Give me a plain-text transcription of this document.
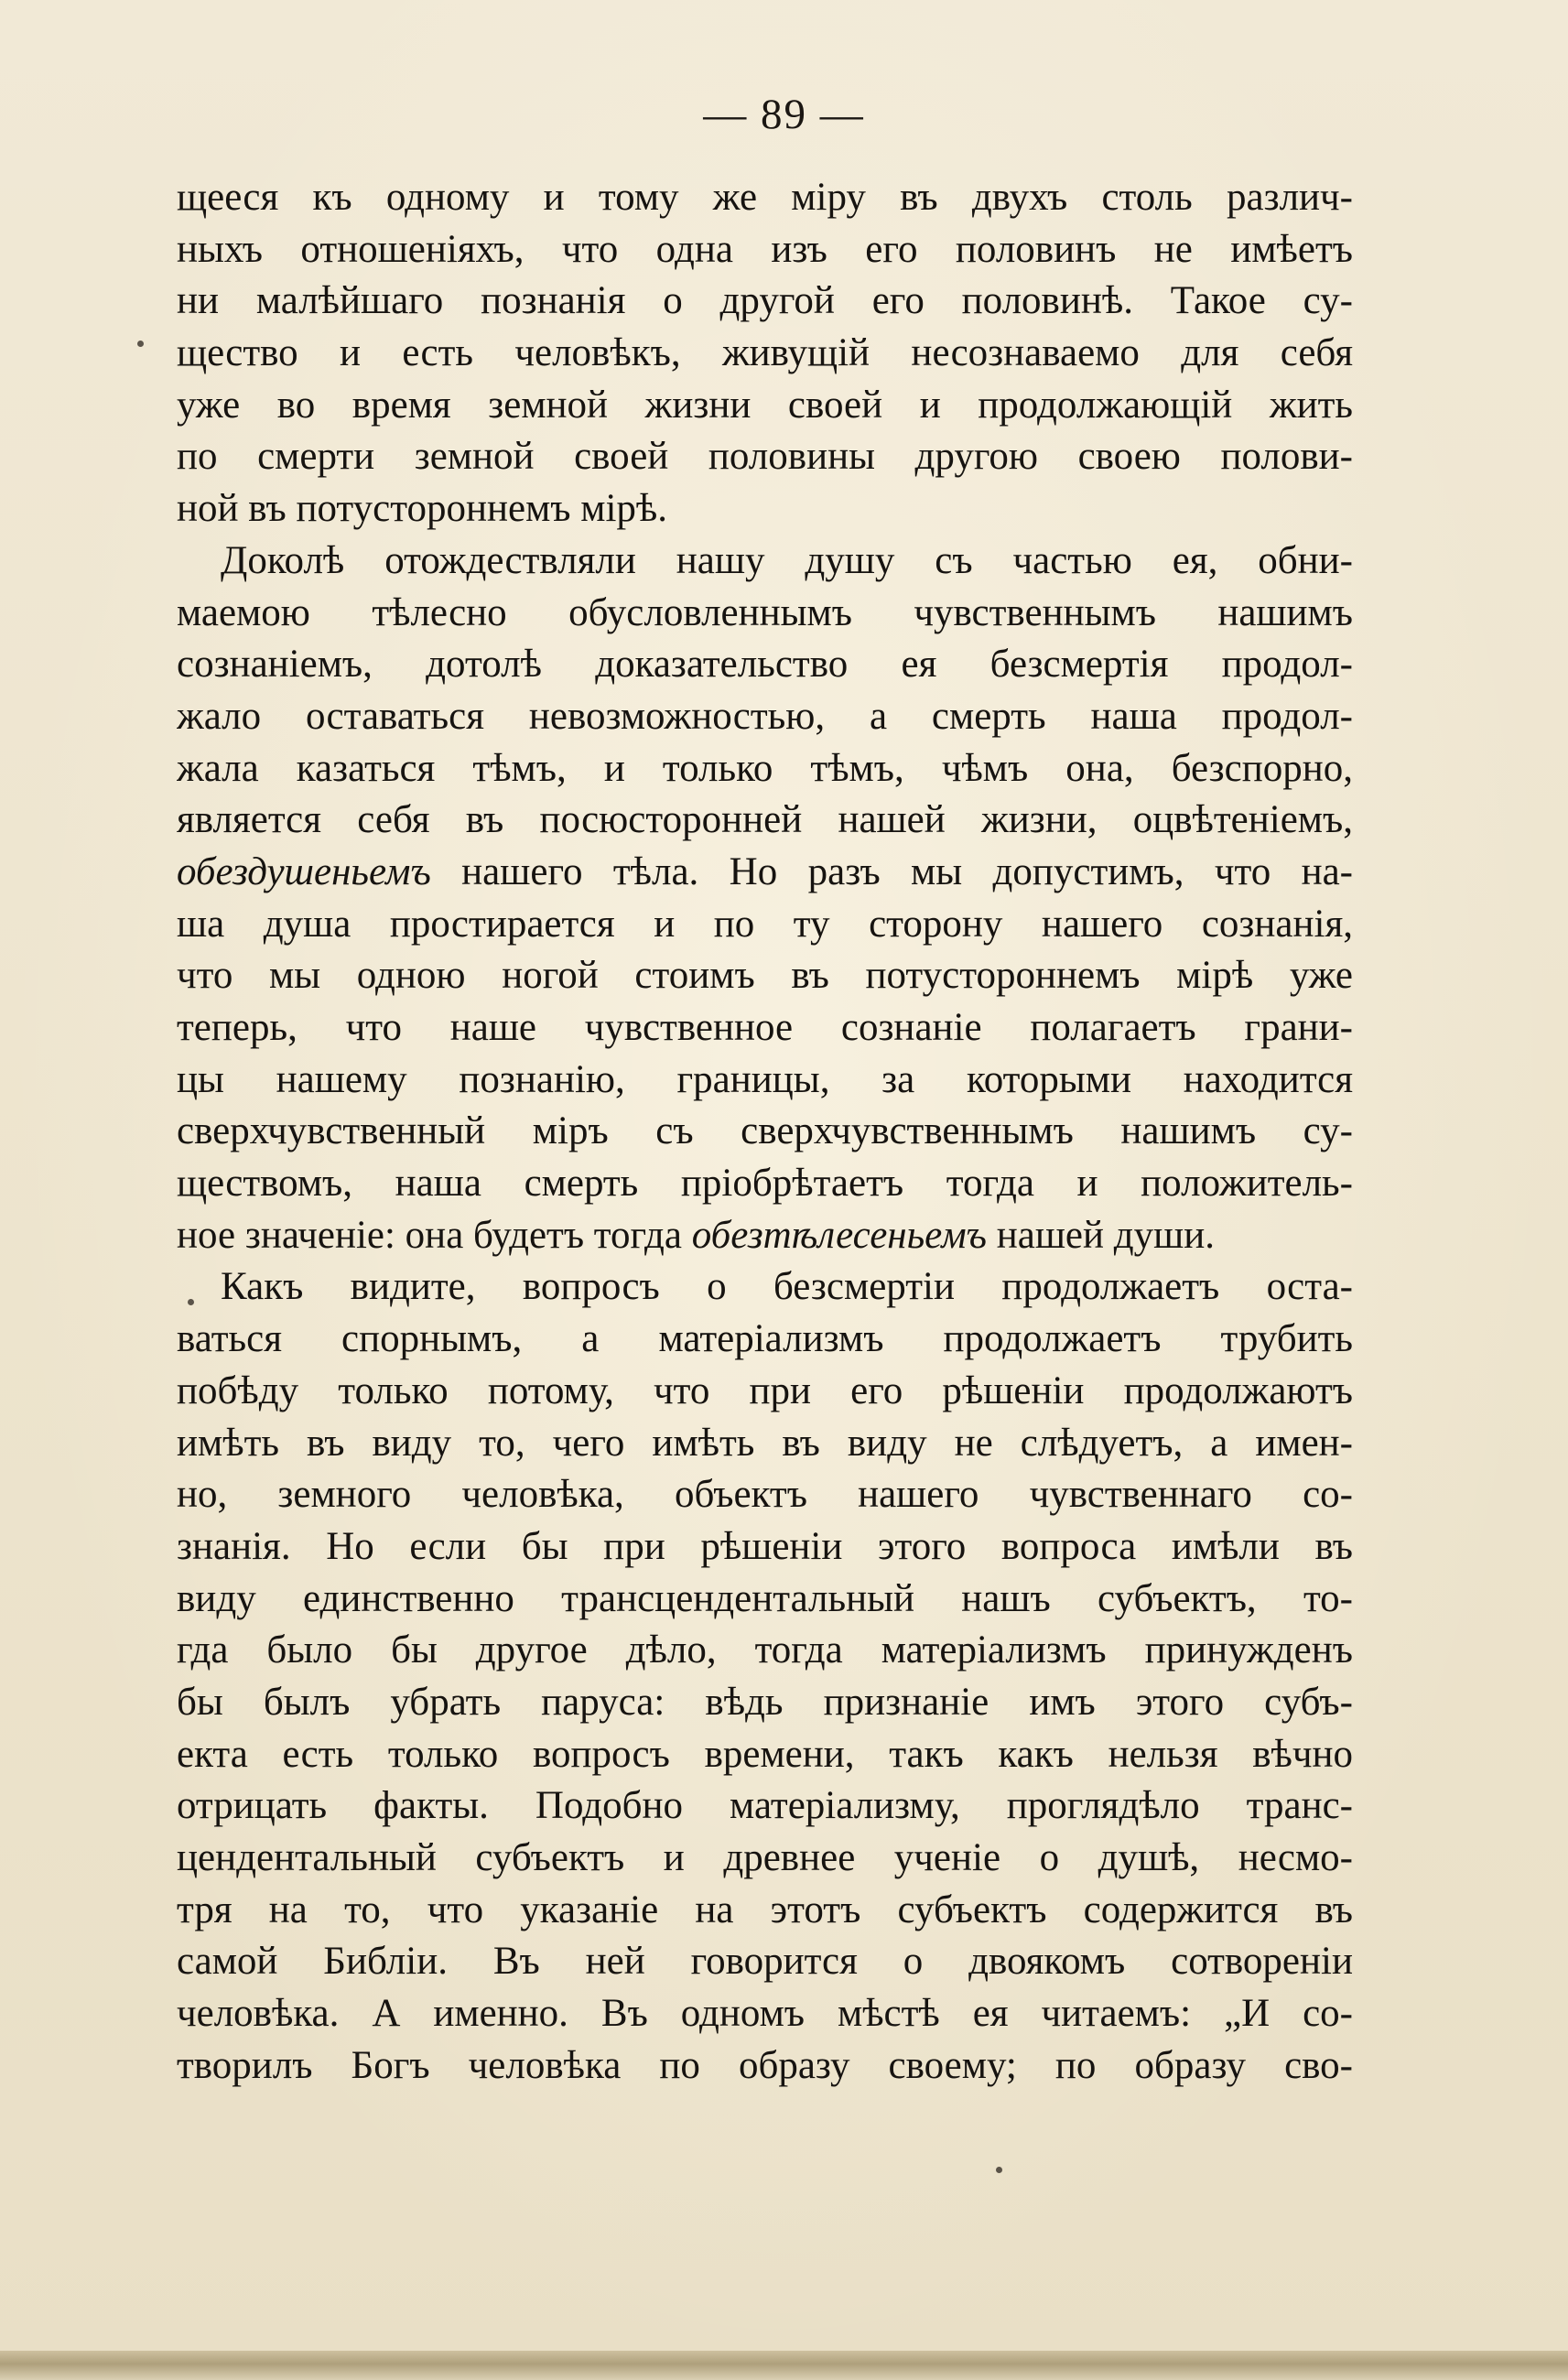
— 89 —
щееся къ одному и тому же міру въ двухъ столь различ-
ныхъ отношеніяхъ, что одна изъ его половинъ не имѣетъ
ни малѣйшаго познанія о другой его половинѣ. Такое су-
щество и есть человѣкъ, живущій несознаваемо для себя
уже во время земной жизни своей и продолжающій жить
по смерти земной своей половины другою своею полови-
ной въ потустороннемъ мірѣ.
Доколѣ отождествляли нашу душу съ частью ея, обни-
маемою тѣлесно обусловленнымъ чувственнымъ нашимъ
сознаніемъ, дотолѣ доказательство ея безсмертія продол-
жало оставаться невозможностью, а смерть наша продол-
жала казаться тѣмъ, и только тѣмъ, чѣмъ она, безспорно,
является себя въ посюсторонней нашей жизни, оцвѣтеніемъ,
обездушеньемъ нашего тѣла. Но разъ мы допустимъ, что на-
ша душа простирается и по ту сторону нашего сознанія,
что мы одною ногой стоимъ въ потустороннемъ мірѣ уже
теперь, что наше чувственное сознаніе полагаетъ грани-
цы нашему познанію, границы, за которыми находится
сверхчувственный міръ съ сверхчувственнымъ нашимъ су-
ществомъ, наша смерть пріобрѣтаетъ тогда и положитель-
ное значеніе: она будетъ тогда обезтѣлесеньемъ нашей души.
Какъ видите, вопросъ о безсмертіи продолжаетъ оста-
ваться спорнымъ, а матеріализмъ продолжаетъ трубить
побѣду только потому, что при его рѣшеніи продолжаютъ
имѣть въ виду то, чего имѣть въ виду не слѣдуетъ, а имен-
но, земного человѣка, объектъ нашего чувственнаго со-
знанія. Но если бы при рѣшеніи этого вопроса имѣли въ
виду единственно трансцендентальный нашъ субъектъ, то-
гда было бы другое дѣло, тогда матеріализмъ принужденъ
бы былъ убрать паруса: вѣдь признаніе имъ этого субъ-
екта есть только вопросъ времени, такъ какъ нельзя вѣчно
отрицать факты. Подобно матеріализму, проглядѣло транс-
цендентальный субъектъ и древнее ученіе о душѣ, несмо-
тря на то, что указаніе на этотъ субъектъ содержится въ
самой Библіи. Въ ней говорится о двоякомъ сотвореніи
человѣка. А именно. Въ одномъ мѣстѣ ея читаемъ: „И со-
творилъ Богъ человѣка по образу своему; по образу сво-
